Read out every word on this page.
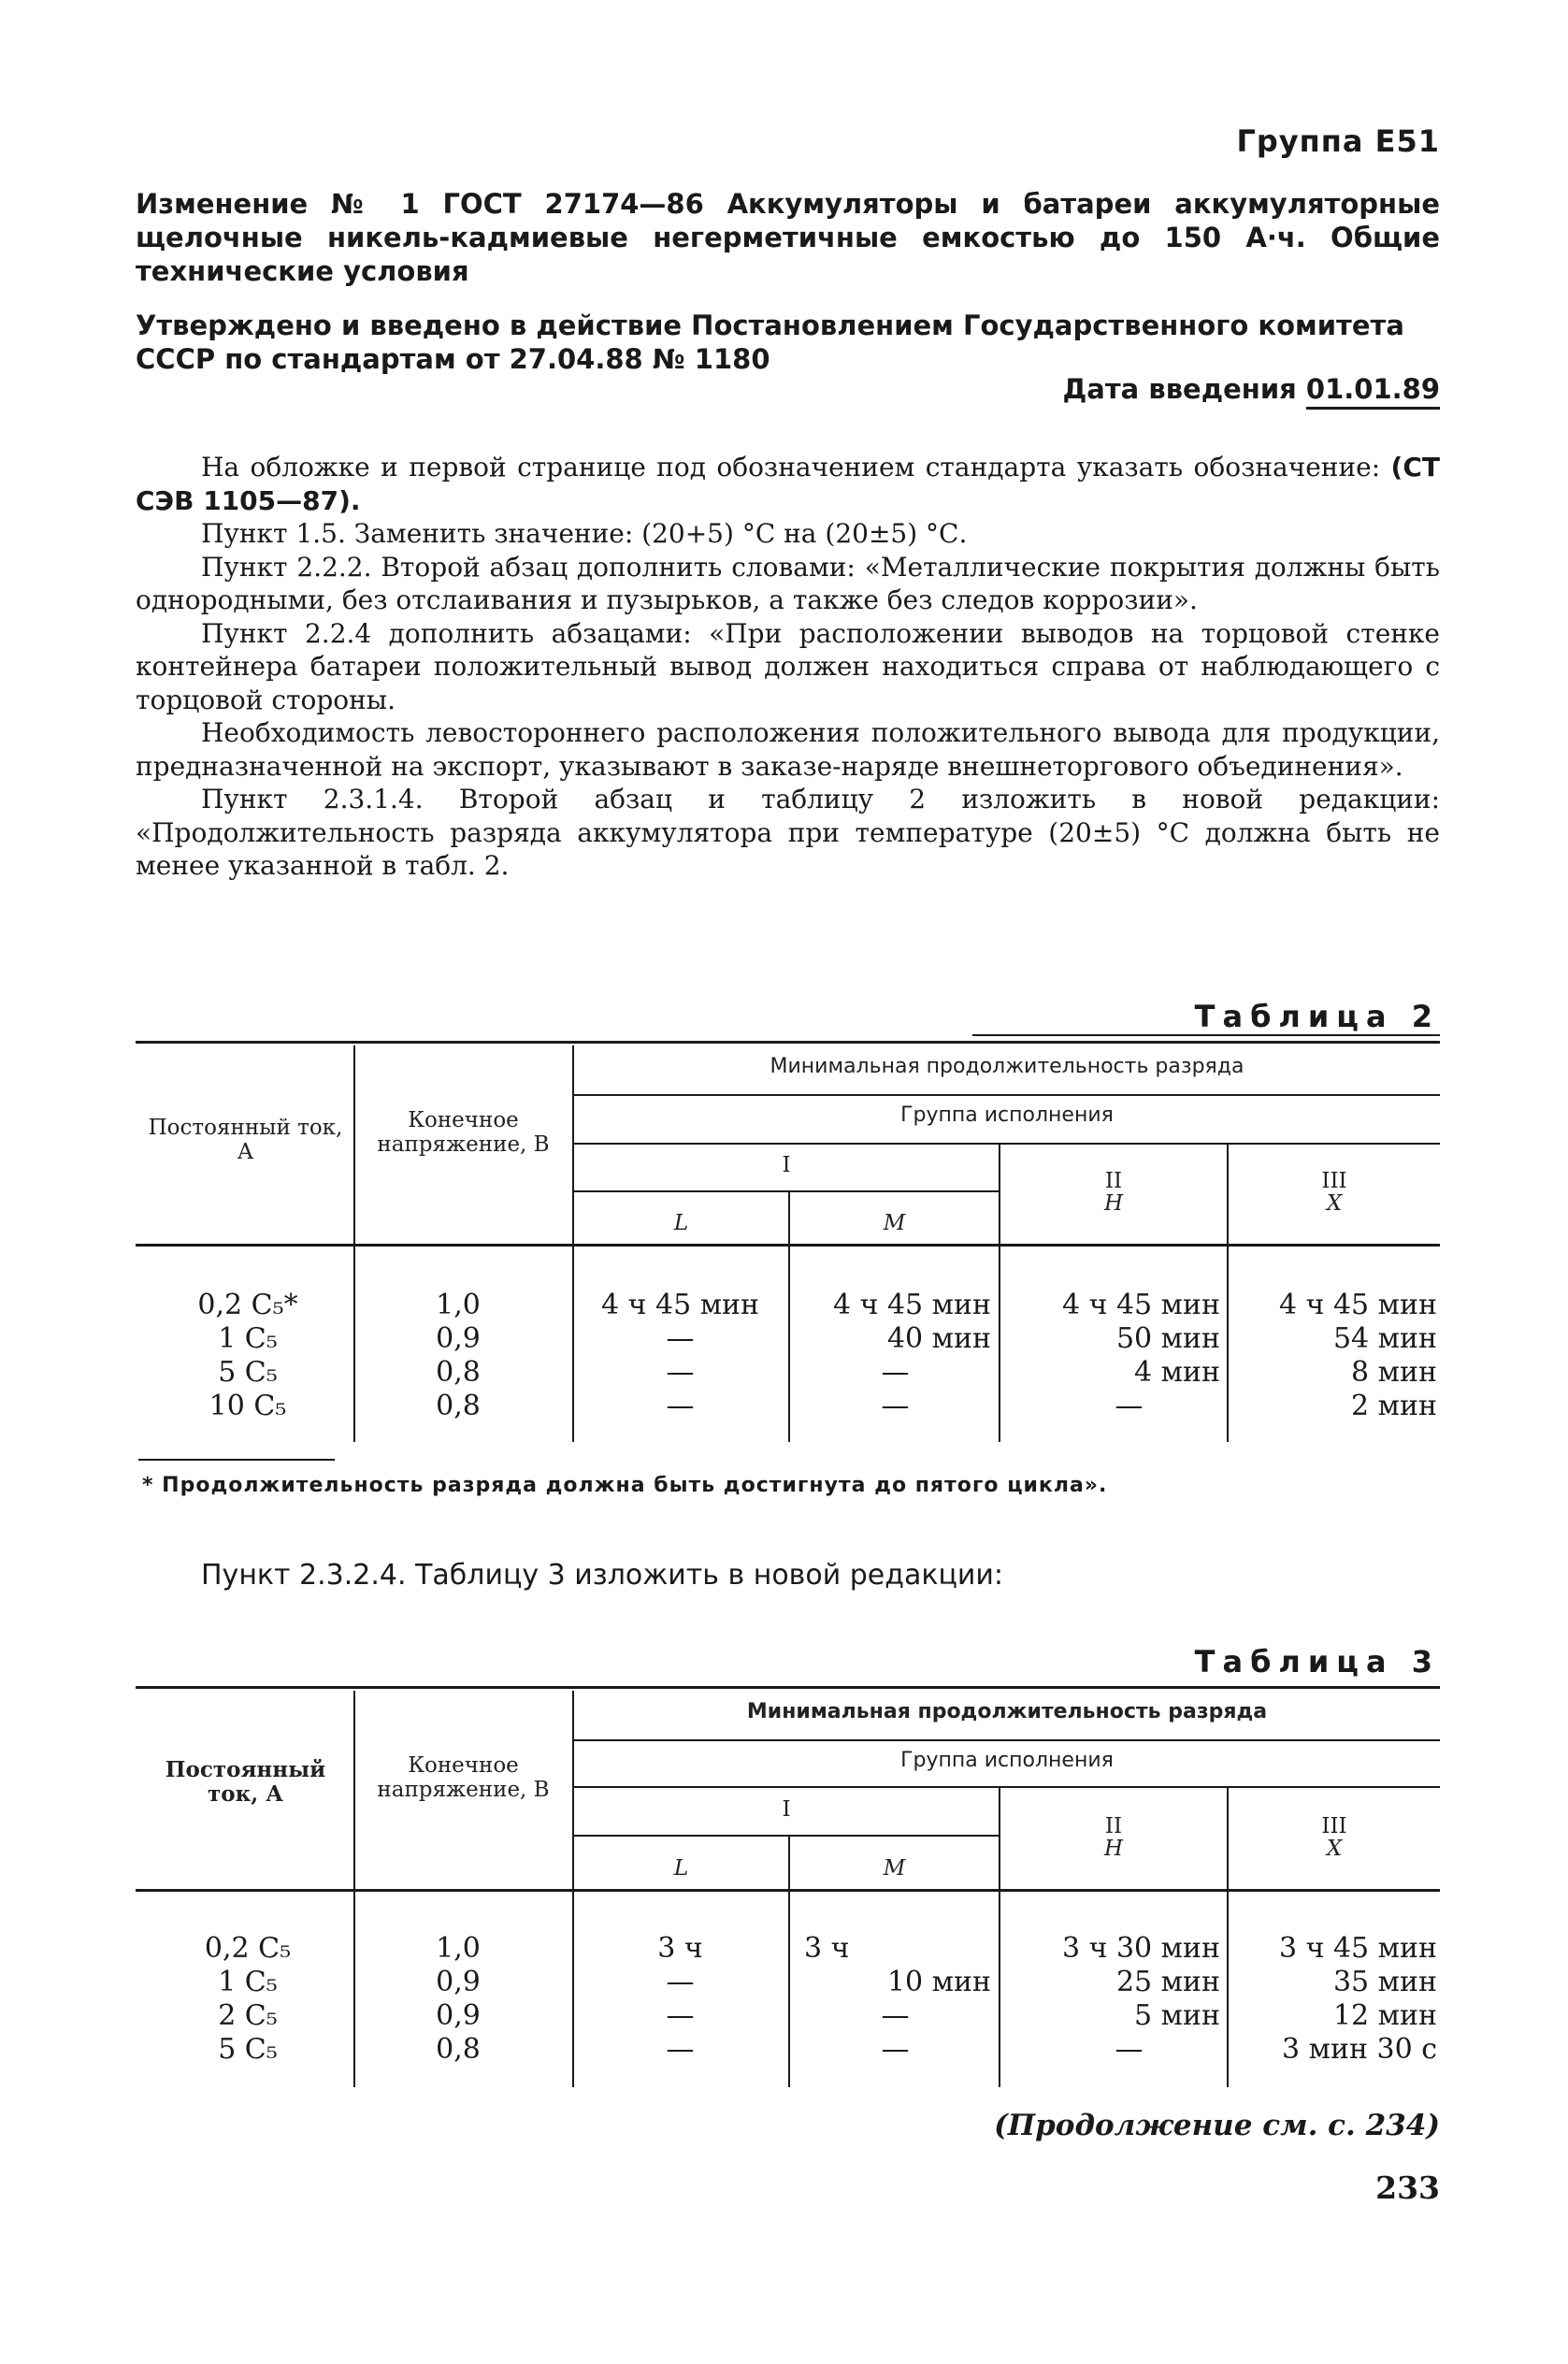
Группа Е51
Изменение № 1 ГОСТ 27174—86 Аккумуляторы и батареи аккумуляторные щелочные никель-кадмиевые негерметичные емкостью до 150 А·ч. Общие технические условия
Утверждено и введено в действие Постановлением Государственного комитета СССР по стандартам от 27.04.88 № 1180
Дата введения 01.01.89

На обложке и первой странице под обозначением стандарта указать обозначение: (СТ СЭВ 1105—87).

Пункт 1.5. Заменить значение: (20+5) °С на (20±5) °С.

Пункт 2.2.2. Второй абзац дополнить словами: «Металлические покрытия должны быть однородными, без отслаивания и пузырьков, а также без следов коррозии».

Пункт 2.2.4 дополнить абзацами: «При расположении выводов на торцовой стенке контейнера батареи положительный вывод должен находиться справа от наблюдающего с торцовой стороны.

Необходимость левостороннего расположения положительного вывода для продукции, предназначенной на экспорт, указывают в заказе-наряде внешнеторгового объединения».

Пункт 2.3.1.4. Второй абзац и таблицу 2 изложить в новой редакции: «Продолжительность разряда аккумулятора при температуре (20±5) °С должна быть не менее указанной в табл. 2.

Таблица 2
Постоянный ток, А
Конечное напряжение, В
Минимальная продолжительность разряда
Группа исполнения
I
L	M
II
H
III
X
0,2 С₅*	1,0	4 ч 45 мин	4 ч 45 мин	4 ч 45 мин	4 ч 45 мин
1 С₅	0,9	—	40 мин	50 мин	54 мин
5 С₅	0,8	—	—	4 мин	8 мин
10 С₅	0,8	—	—	—	2 мин
* Продолжительность разряда должна быть достигнута до пятого цикла».
Пункт 2.3.2.4. Таблицу 3 изложить в новой редакции:
Таблица 3
Постоянный ток, А
Конечное напряжение, В
Минимальная продолжительность разряда
Группа исполнения
I
L	M
II
H
III
X
0,2 С₅	1,0	3 ч	3 ч	3 ч 30 мин	3 ч 45 мин
1 С₅	0,9	—	10 мин	25 мин	35 мин
2 С₅	0,9	—	—	5 мин	12 мин
5 С₅	0,8	—	—	—	3 мин 30 с
(Продолжение см. с. 234)
233
